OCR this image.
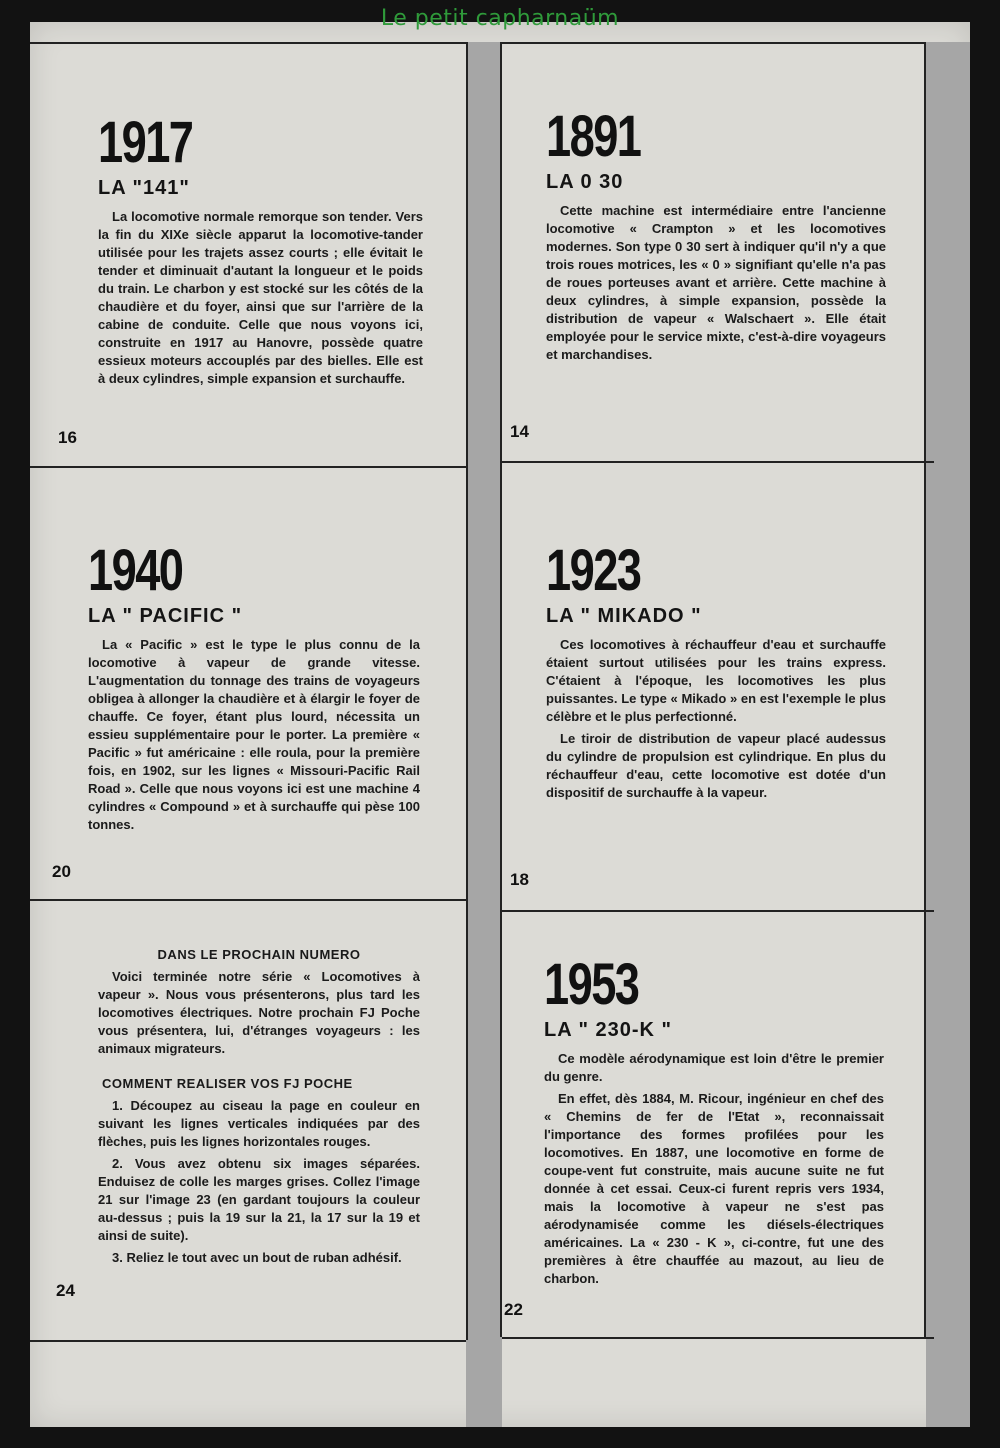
Le petit capharnaüm
1917
LA "141"

La locomotive normale remorque son tender. Vers la fin du XIXe siècle apparut la locomotive-tander utilisée pour les trajets assez courts ; elle évitait le tender et diminuait d'autant la longueur et le poids du train. Le charbon y est stocké sur les côtés de la chaudière et du foyer, ainsi que sur l'arrière de la cabine de conduite. Celle que nous voyons ici, construite en 1917 au Hanovre, possède quatre essieux moteurs accouplés par des bielles. Elle est à deux cylindres, simple expansion et surchauffe.

16
1891
LA 0 30

Cette machine est intermédiaire entre l'ancienne locomotive « Crampton » et les locomotives modernes. Son type 0 30 sert à indiquer qu'il n'y a que trois roues motrices, les « 0 » signifiant qu'elle n'a pas de roues porteuses avant et arrière. Cette machine à deux cylindres, à simple expansion, possède la distribution de vapeur « Walschaert ». Elle était employée pour le service mixte, c'est-à-dire voyageurs et marchandises.

14
1940
LA " PACIFIC "

La « Pacific » est le type le plus connu de la locomotive à vapeur de grande vitesse. L'augmentation du tonnage des trains de voyageurs obligea à allonger la chaudière et à élargir le foyer de chauffe. Ce foyer, étant plus lourd, nécessita un essieu supplémentaire pour le porter. La première « Pacific » fut américaine : elle roula, pour la première fois, en 1902, sur les lignes « Missouri-Pacific Rail Road ». Celle que nous voyons ici est une machine 4 cylindres « Compound » et à surchauffe qui pèse 100 tonnes.

20
1923
LA " MIKADO "

Ces locomotives à réchauffeur d'eau et surchauffe étaient surtout utilisées pour les trains express. C'étaient à l'époque, les locomotives les plus puissantes. Le type « Mikado » en est l'exemple le plus célèbre et le plus perfectionné.

Le tiroir de distribution de vapeur placé audessus du cylindre de propulsion est cylindrique. En plus du réchauffeur d'eau, cette locomotive est dotée d'un dispositif de surchauffe à la vapeur.

18
DANS LE PROCHAIN NUMERO

Voici terminée notre série « Locomotives à vapeur ». Nous vous présenterons, plus tard les locomotives électriques. Notre prochain FJ Poche vous présentera, lui, d'étranges voyageurs : les animaux migrateurs.

COMMENT REALISER VOS FJ POCHE

1. Découpez au ciseau la page en couleur en suivant les lignes verticales indiquées par des flèches, puis les lignes horizontales rouges.

2. Vous avez obtenu six images séparées. Enduisez de colle les marges grises. Collez l'image 21 sur l'image 23 (en gardant toujours la couleur au-dessus ; puis la 19 sur la 21, la 17 sur la 19 et ainsi de suite).

3. Reliez le tout avec un bout de ruban adhésif.

24
1953
LA " 230-K "

Ce modèle aérodynamique est loin d'être le premier du genre.

En effet, dès 1884, M. Ricour, ingénieur en chef des « Chemins de fer de l'Etat », reconnaissait l'importance des formes profilées pour les locomotives. En 1887, une locomotive en forme de coupe-vent fut construite, mais aucune suite ne fut donnée à cet essai. Ceux-ci furent repris vers 1934, mais la locomotive à vapeur ne s'est pas aérodynamisée comme les diésels-électriques américaines. La « 230 - K », ci-contre, fut une des premières à être chauffée au mazout, au lieu de charbon.

22
